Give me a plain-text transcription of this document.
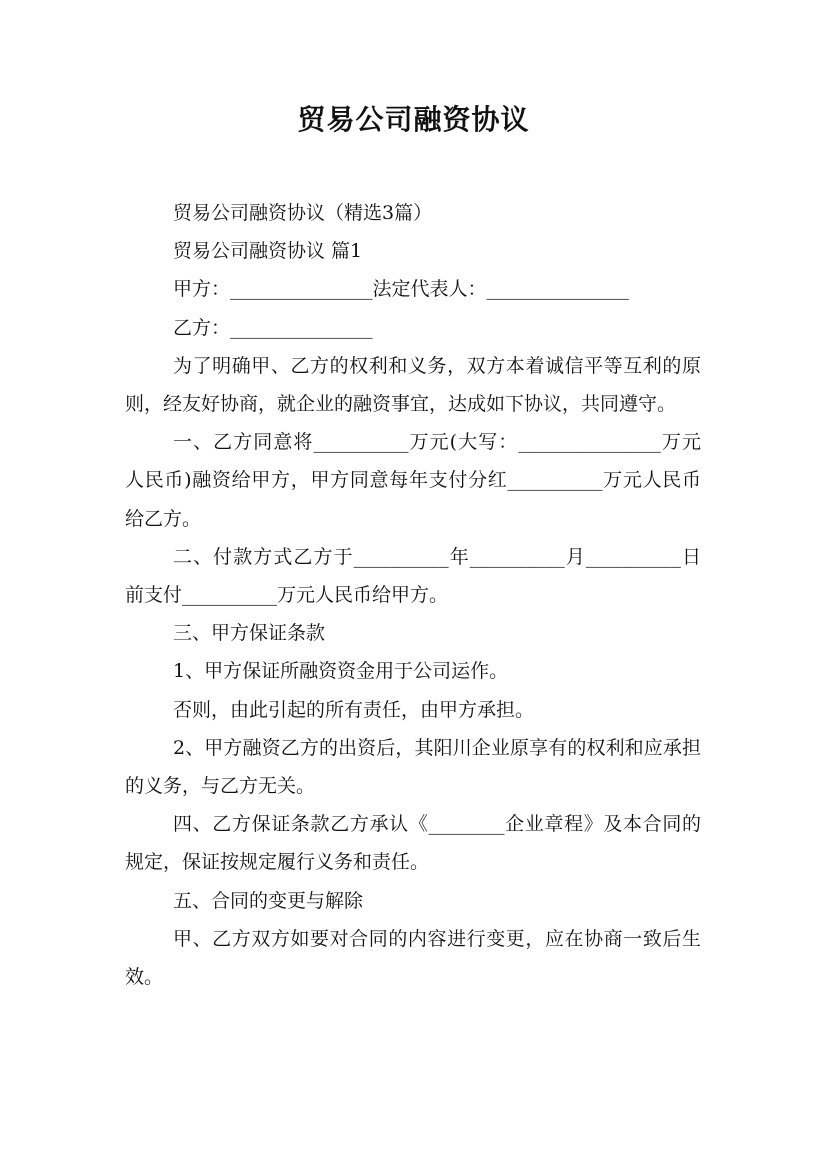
贸易公司融资协议

贸易公司融资协议（精选3篇）

贸易公司融资协议 篇1

甲方：_______________法定代表人：_______________

乙方：_______________

为了明确甲、乙方的权利和义务，双方本着诚信平等互利的原则，经友好协商，就企业的融资事宜，达成如下协议，共同遵守。

一、乙方同意将__________万元(大写：_______________万元人民币)融资给甲方，甲方同意每年支付分红__________万元人民币给乙方。

二、付款方式乙方于__________年__________月__________日前支付__________万元人民币给甲方。

三、甲方保证条款

1、甲方保证所融资资金用于公司运作。

否则，由此引起的所有责任，由甲方承担。

2、甲方融资乙方的出资后，其阳川企业原享有的权利和应承担的义务，与乙方无关。

四、乙方保证条款乙方承认《________企业章程》及本合同的规定，保证按规定履行义务和责任。

五、合同的变更与解除

甲、乙方双方如要对合同的内容进行变更，应在协商一致后生效。
